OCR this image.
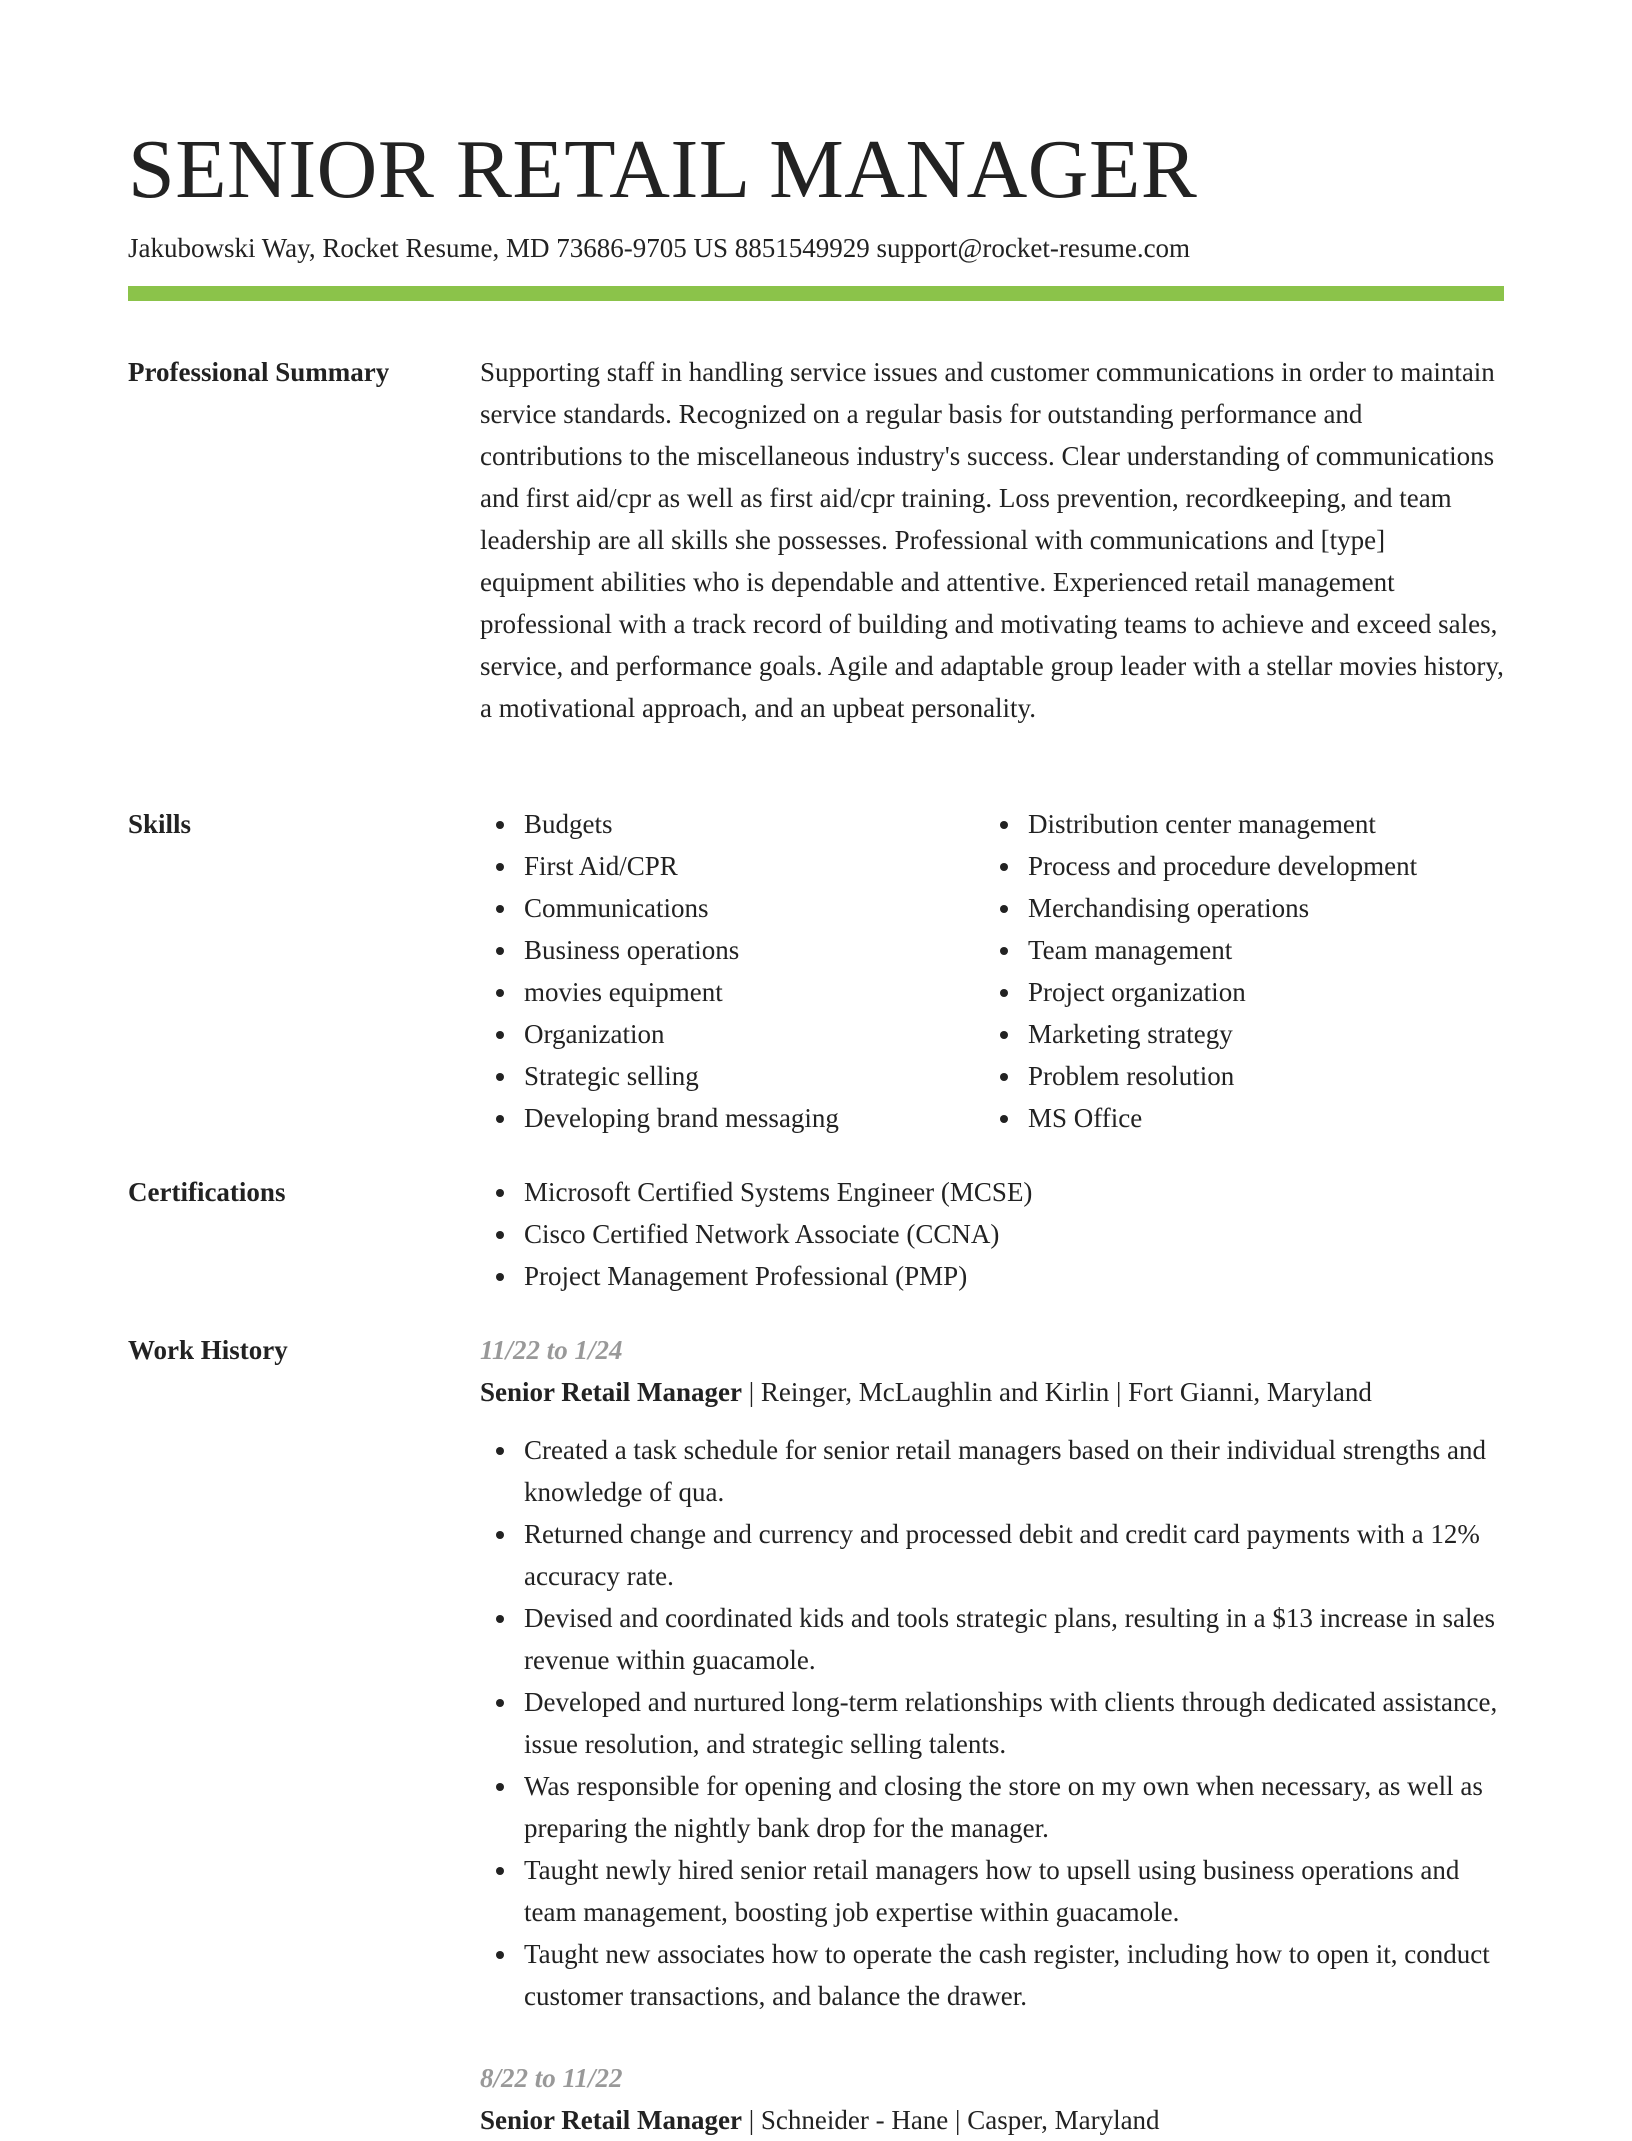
SENIOR RETAIL MANAGER
Jakubowski Way, Rocket Resume, MD 73686-9705 US 8851549929 support@rocket-resume.com
Professional Summary	Supporting staff in handling service issues and customer communications in order to maintain service standards. Recognized on a regular basis for outstanding performance and contributions to the miscellaneous industry's success. Clear understanding of communications and first aid/cpr as well as first aid/cpr training. Loss prevention, recordkeeping, and team leadership are all skills she possesses. Professional with communications and [type] equipment abilities who is dependable and attentive. Experienced retail management professional with a track record of building and motivating teams to achieve and exceed sales, service, and performance goals. Agile and adaptable group leader with a stellar movies history, a motivational approach, and an upbeat personality.

Skills	Budgets
First Aid/CPR
Communications
Business operations
movies equipment
Organization
Strategic selling
Developing brand messaging
Distribution center management
Process and procedure development
Merchandising operations
Team management
Project organization
Marketing strategy
Problem resolution
MS Office
Certifications	Microsoft Certified Systems Engineer (MCSE)
Cisco Certified Network Associate (CCNA)
Project Management Professional (PMP)
Work History	11/22 to 1/24
Senior Retail Manager | Reinger, McLaughlin and Kirlin | Fort Gianni, Maryland
Created a task schedule for senior retail managers based on their individual strengths and knowledge of qua.
Returned change and currency and processed debit and credit card payments with a 12% accuracy rate.
Devised and coordinated kids and tools strategic plans, resulting in a $13 increase in sales revenue within guacamole.
Developed and nurtured long-term relationships with clients through dedicated assistance, issue resolution, and strategic selling talents.
Was responsible for opening and closing the store on my own when necessary, as well as preparing the nightly bank drop for the manager.
Taught newly hired senior retail managers how to upsell using business operations and team management, boosting job expertise within guacamole.
Taught new associates how to operate the cash register, including how to open it, conduct customer transactions, and balance the drawer.
8/22 to 11/22
Senior Retail Manager | Schneider - Hane | Casper, Maryland
